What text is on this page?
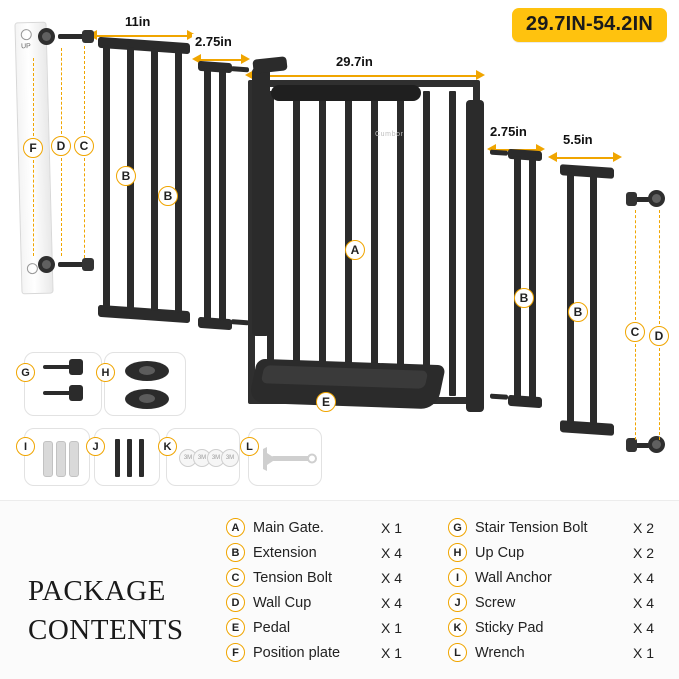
29.7IN-54.2IN
11in
2.75in
29.7in
2.75in
5.5in
UP
Cumbor
F	D	C
B
B
A
B
B
C	D
E
G	H
I	J	K
3M 3M 3M 3M
L
PACKAGE
CONTENTS
A Main Gate.	X 1
B Extension	X 4
C Tension Bolt	X 4
D Wall Cup	X 4
E Pedal	X 1
F Position plate	X 1
G Stair Tension Bolt	X 2
H Up Cup	X 2
I	Wall Anchor	X 4
J Screw	X 4
K Sticky Pad	X 4
L Wrench	X 1
